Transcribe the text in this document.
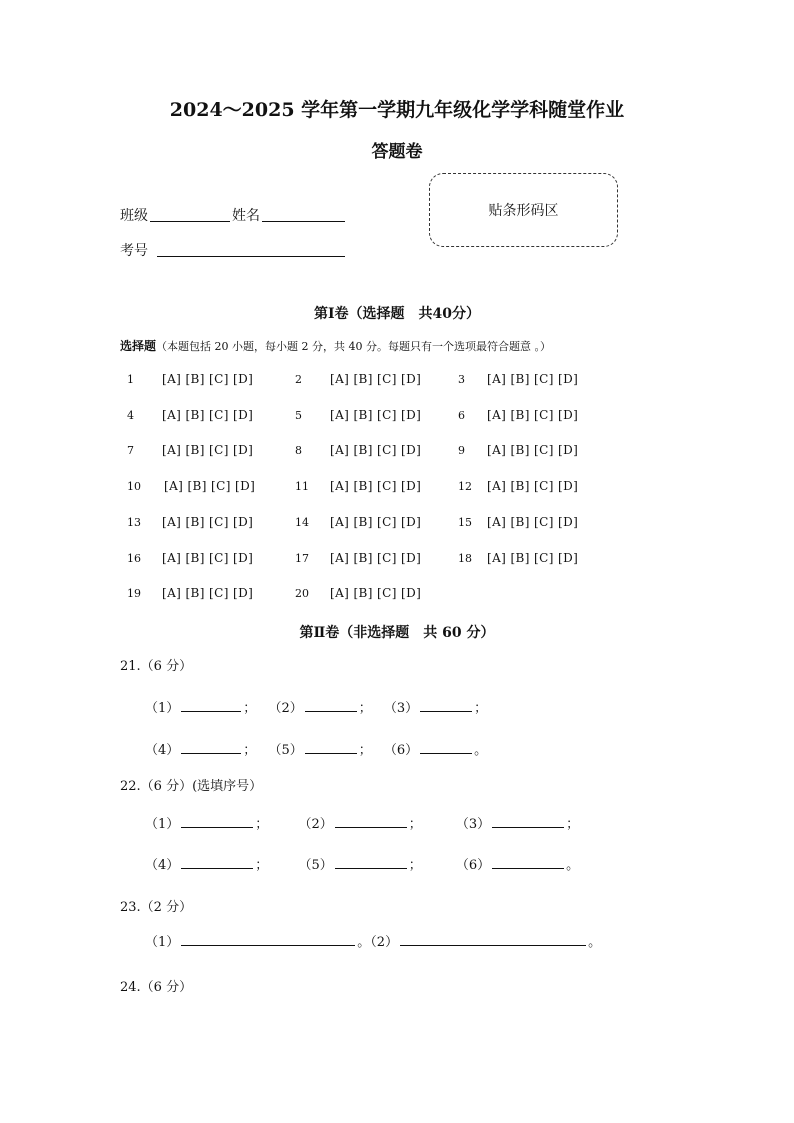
2024～2025 学年第一学期九年级化学学科随堂作业
答题卷
班级	姓名
考号
贴条形码区
第Ⅰ卷（选择题　共40分）
选择题（本题包括 20 小题，每小题 2 分，共 40 分。每题只有一个选项最符合题意 。）
1 [A] [B] [C] [D]	2 [A] [B] [C] [D]	3 [A] [B] [C] [D]
4 [A] [B] [C] [D]	5 [A] [B] [C] [D]	6 [A] [B] [C] [D]
7 [A] [B] [C] [D]	8 [A] [B] [C] [D]	9 [A] [B] [C] [D]
10 [A] [B] [C] [D]	11 [A] [B] [C] [D]	12 [A] [B] [C] [D]
13 [A] [B] [C] [D]	14 [A] [B] [C] [D]	15 [A] [B] [C] [D]
16 [A] [B] [C] [D]	17 [A] [B] [C] [D]	18 [A] [B] [C] [D]
19 [A] [B] [C] [D]	20 [A] [B] [C] [D]
第Ⅱ卷（非选择题　共 60 分）
21.（6 分）
（1）	； （2）	； （3）	；
（4）	； （5）	； （6）	。
22.（6 分）(选填序号）
（1）	； （2）	；	（3）	；
（4）	； （5）	；	（6）	。
23.（2 分）
（1）	。（2）	。
24.（6 分）
